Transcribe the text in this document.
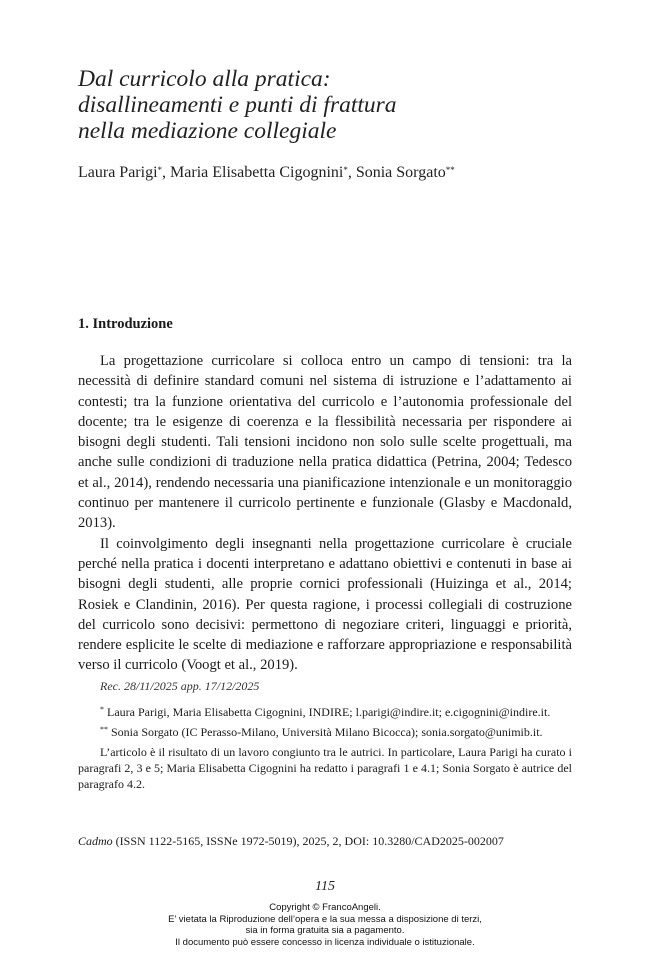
Dal curricolo alla pratica:
disallineamenti e punti di frattura
nella mediazione collegiale
Laura Parigi*, Maria Elisabetta Cigognini*, Sonia Sorgato**
1. Introduzione

La progettazione curricolare si colloca entro un campo di tensioni: tra la necessità di definire standard comuni nel sistema di istruzione e l’adattamento ai contesti; tra la funzione orientativa del curricolo e l’autonomia professionale del docente; tra le esigenze di coerenza e la flessibilità necessaria per rispondere ai bisogni degli studenti. Tali tensioni incidono non solo sulle scelte progettuali, ma anche sulle condizioni di traduzione nella pratica didattica (Petrina, 2004; Tedesco et al., 2014), rendendo necessaria una pianificazione intenzionale e un monitoraggio continuo per mantenere il curricolo pertinente e funzionale (Glasby e Macdonald, 2013).

Il coinvolgimento degli insegnanti nella progettazione curricolare è cruciale perché nella pratica i docenti interpretano e adattano obiettivi e contenuti in base ai bisogni degli studenti, alle proprie cornici professionali (Huizinga et al., 2014; Rosiek e Clandinin, 2016). Per questa ragione, i processi collegiali di costruzione del curricolo sono decisivi: permettono di negoziare criteri, linguaggi e priorità, rendere esplicite le scelte di mediazione e rafforzare appropriazione e responsabilità verso il curricolo (Voogt et al., 2019).

Rec. 28/11/2025 app. 17/12/2025

* Laura Parigi, Maria Elisabetta Cigognini, INDIRE; l.parigi@indire.it; e.cigognini@indire.it.

** Sonia Sorgato (IC Perasso-Milano, Università Milano Bicocca); sonia.sorgato@unimib.it.

L’articolo è il risultato di un lavoro congiunto tra le autrici. In particolare, Laura Parigi ha curato i paragrafi 2, 3 e 5; Maria Elisabetta Cigognini ha redatto i paragrafi 1 e 4.1; Sonia Sorgato è autrice del paragrafo 4.2.

Cadmo (ISSN 1122-5165, ISSNe 1972-5019), 2025, 2, DOI: 10.3280/CAD2025-002007
115
Copyright © FrancoAngeli.
E’ vietata la Riproduzione dell’opera e la sua messa a disposizione di terzi,
sia in forma gratuita sia a pagamento.
Il documento può essere concesso in licenza individuale o istituzionale.
